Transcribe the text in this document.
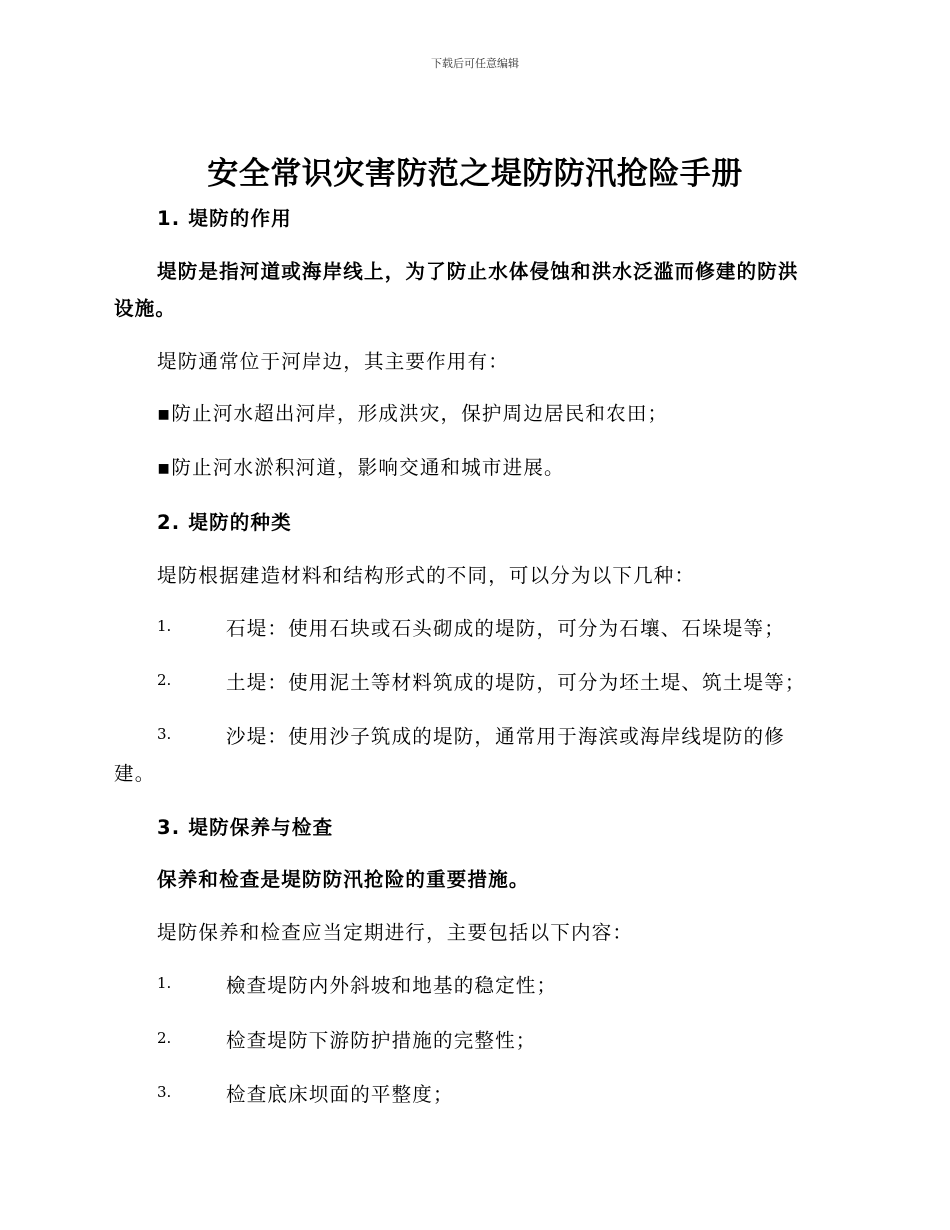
下载后可任意编辑
安全常识灾害防范之堤防防汛抢险手册
1. 堤防的作用
堤防是指河道或海岸线上，为了防止水体侵蚀和洪水泛滥而修建的防洪
设施。
堤防通常位于河岸边，其主要作用有：
▪防止河水超出河岸，形成洪灾，保护周边居民和农田；
▪防止河水淤积河道，影响交通和城市进展。
2. 堤防的种类
堤防根据建造材料和结构形式的不同，可以分为以下几种：
1.	石堤：使用石块或石头砌成的堤防，可分为石壤、石垛堤等；
2.	土堤：使用泥土等材料筑成的堤防，可分为坯土堤、筑土堤等；
3.	沙堤：使用沙子筑成的堤防，通常用于海滨或海岸线堤防的修
建。
3. 堤防保养与检查
保养和检查是堤防防汛抢险的重要措施。
堤防保养和检查应当定期进行，主要包括以下内容：
1.	檢查堤防内外斜坡和地基的稳定性；
2.	检查堤防下游防护措施的完整性；
3.	检查底床坝面的平整度；
